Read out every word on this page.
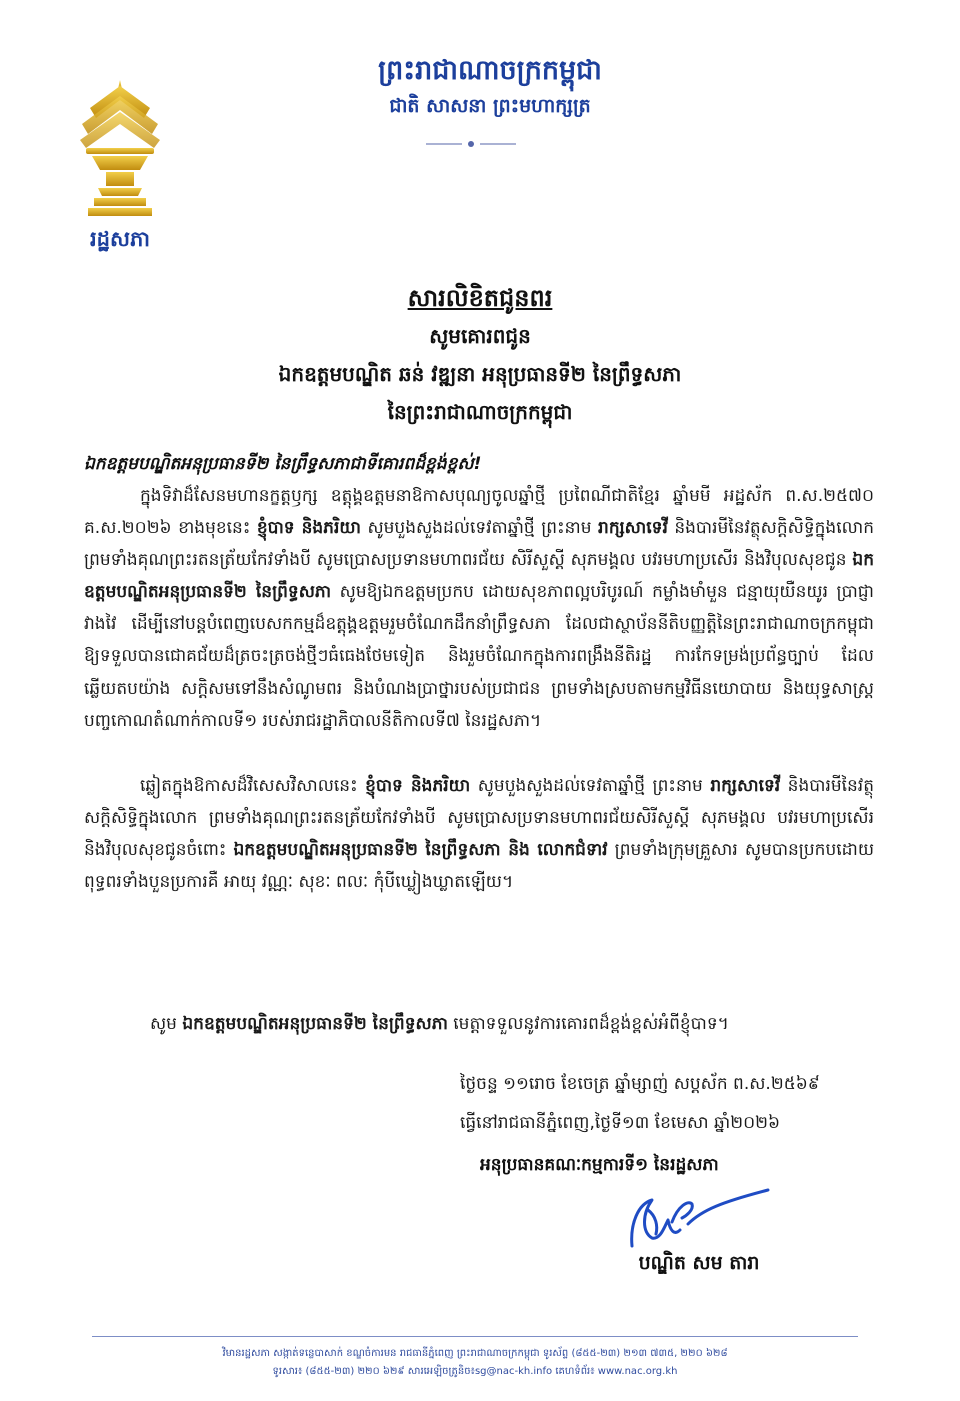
រដ្ឋសភា
ព្រះរាជាណាចក្រកម្ពុជា
ជាតិ សាសនា ព្រះមហាក្សត្រ
សារលិខិតជូនពរ
សូមគោរពជូន
ឯកឧត្តមបណ្ឌិត ឆន់ វឌ្ឍនា អនុប្រធានទី២ នៃព្រឹទ្ធសភា
នៃព្រះរាជាណាចក្រកម្ពុជា
ឯកឧត្តមបណ្ឌិតអនុប្រធានទី២ នៃព្រឹទ្ធសភាជាទីគោរពដ៏ខ្ពង់ខ្ពស់!
ក្នុងទិវាដ៏សែនមហានក្ខត្តឫក្ស ឧត្តុង្គឧត្តមនាឱកាសបុណ្យចូលឆ្នាំថ្មី ប្រពៃណីជាតិខ្មែរ ឆ្នាំមមី អដ្ឋស័ក ព.ស.២៥៧០ គ.ស.២០២៦ ខាងមុខនេះ ខ្ញុំបាទ និងភរិយា សូមបួងសួងដល់ទេវតាឆ្នាំថ្មី ព្រះនាម រាក្សសាទេវី និងបារមីនៃវត្ថុសក្តិសិទ្ធិក្នុងលោក ព្រមទាំងគុណព្រះរតនត្រ័យកែវទាំងបី សូមប្រោសប្រទានមហាពរជ័យ សិរីសួស្តី សុភមង្គល បវរមហាប្រសើរ និងវិបុលសុខជូន ឯកឧត្តមបណ្ឌិតអនុប្រធានទី២ នៃព្រឹទ្ធសភា សូមឱ្យឯកឧត្តមប្រកប ដោយសុខភាពល្អបរិបូរណ៍ កម្លាំងមាំមួន ជន្មាយុយឺនយូរ ប្រាជ្ញាវាងវៃ ដើម្បីនៅបន្តបំពេញបេសកកម្មដ៏ឧត្តុង្គឧត្តមរួមចំណែកដឹកនាំព្រឹទ្ធសភា ដែលជាស្ថាប័ននីតិបញ្ញត្តិនៃព្រះរាជាណាចក្រកម្ពុជា ឱ្យទទួលបានជោគជ័យដ៏ត្រចះត្រចង់ថ្មីៗធំធេងថែមទៀត និងរួមចំណែកក្នុងការពង្រឹងនីតិរដ្ឋ ការកែទម្រង់ប្រព័ន្ធច្បាប់ ដែលឆ្លើយតបយ៉ាង សក្តិសមទៅនឹងសំណូមពរ និងបំណងប្រាថ្នារបស់ប្រជាជន ព្រមទាំងស្របតាមកម្មវិធីនយោបាយ និងយុទ្ធសាស្ត្របញ្ចកោណតំណាក់កាលទី១ របស់រាជរដ្ឋាភិបាលនីតិកាលទី៧ នៃរដ្ឋសភា។
ឆ្លៀតក្នុងឱកាសដ៏វិសេសវិសាលនេះ ខ្ញុំបាទ និងភរិយា សូមបួងសួងដល់ទេវតាឆ្នាំថ្មី ព្រះនាម រាក្សសាទេវី និងបារមីនៃវត្ថុសក្តិសិទ្ធិក្នុងលោក ព្រមទាំងគុណព្រះរតនត្រ័យកែវទាំងបី សូមប្រោសប្រទានមហាពរជ័យសិរីសួស្តី សុភមង្គល បវរមហាប្រសើរ និងវិបុលសុខជូនចំពោះ ឯកឧត្តមបណ្ឌិតអនុប្រធានទី២ នៃព្រឹទ្ធសភា និង លោកជំទាវ ព្រមទាំងក្រុមគ្រួសារ សូមបានប្រកបដោយពុទ្ធពរទាំងបួនប្រការគឺ អាយុ វណ្ណៈ សុខៈ ពលៈ កុំបីឃ្លៀងឃ្លាតឡើយ។
សូម ឯកឧត្តមបណ្ឌិតអនុប្រធានទី២ នៃព្រឹទ្ធសភា មេត្តាទទួលនូវការគោរពដ៏ខ្ពង់ខ្ពស់អំពីខ្ញុំបាទ។
ថ្ងៃចន្ទ ១១រោច ខែចេត្រ ឆ្នាំម្សាញ់ សប្តស័ក ព.ស.២៥៦៩
ធ្វើនៅរាជធានីភ្នំពេញ,ថ្ងៃទី១៣ ខែមេសា ឆ្នាំ២០២៦
អនុប្រធានគណៈកម្មការទី១ នៃរដ្ឋសភា
បណ្ឌិត សម តារា
វិមានរដ្ឋសភា សង្កាត់ទន្លេបាសាក់ ខណ្ឌចំការមន រាជធានីភ្នំពេញ ព្រះរាជាណាចក្រកម្ពុជា ទូរស័ព្ទ (៨៥៥-២៣) ២១៣ ៧៣៥, ២២០ ៦២៨
ទូរសារ៖ (៨៥៥-២៣) ២២០ ៦២៩ សារអេឡិចត្រូនិច៖sg@nac-kh.info គេហទំព័រ៖ www.nac.org.kh
